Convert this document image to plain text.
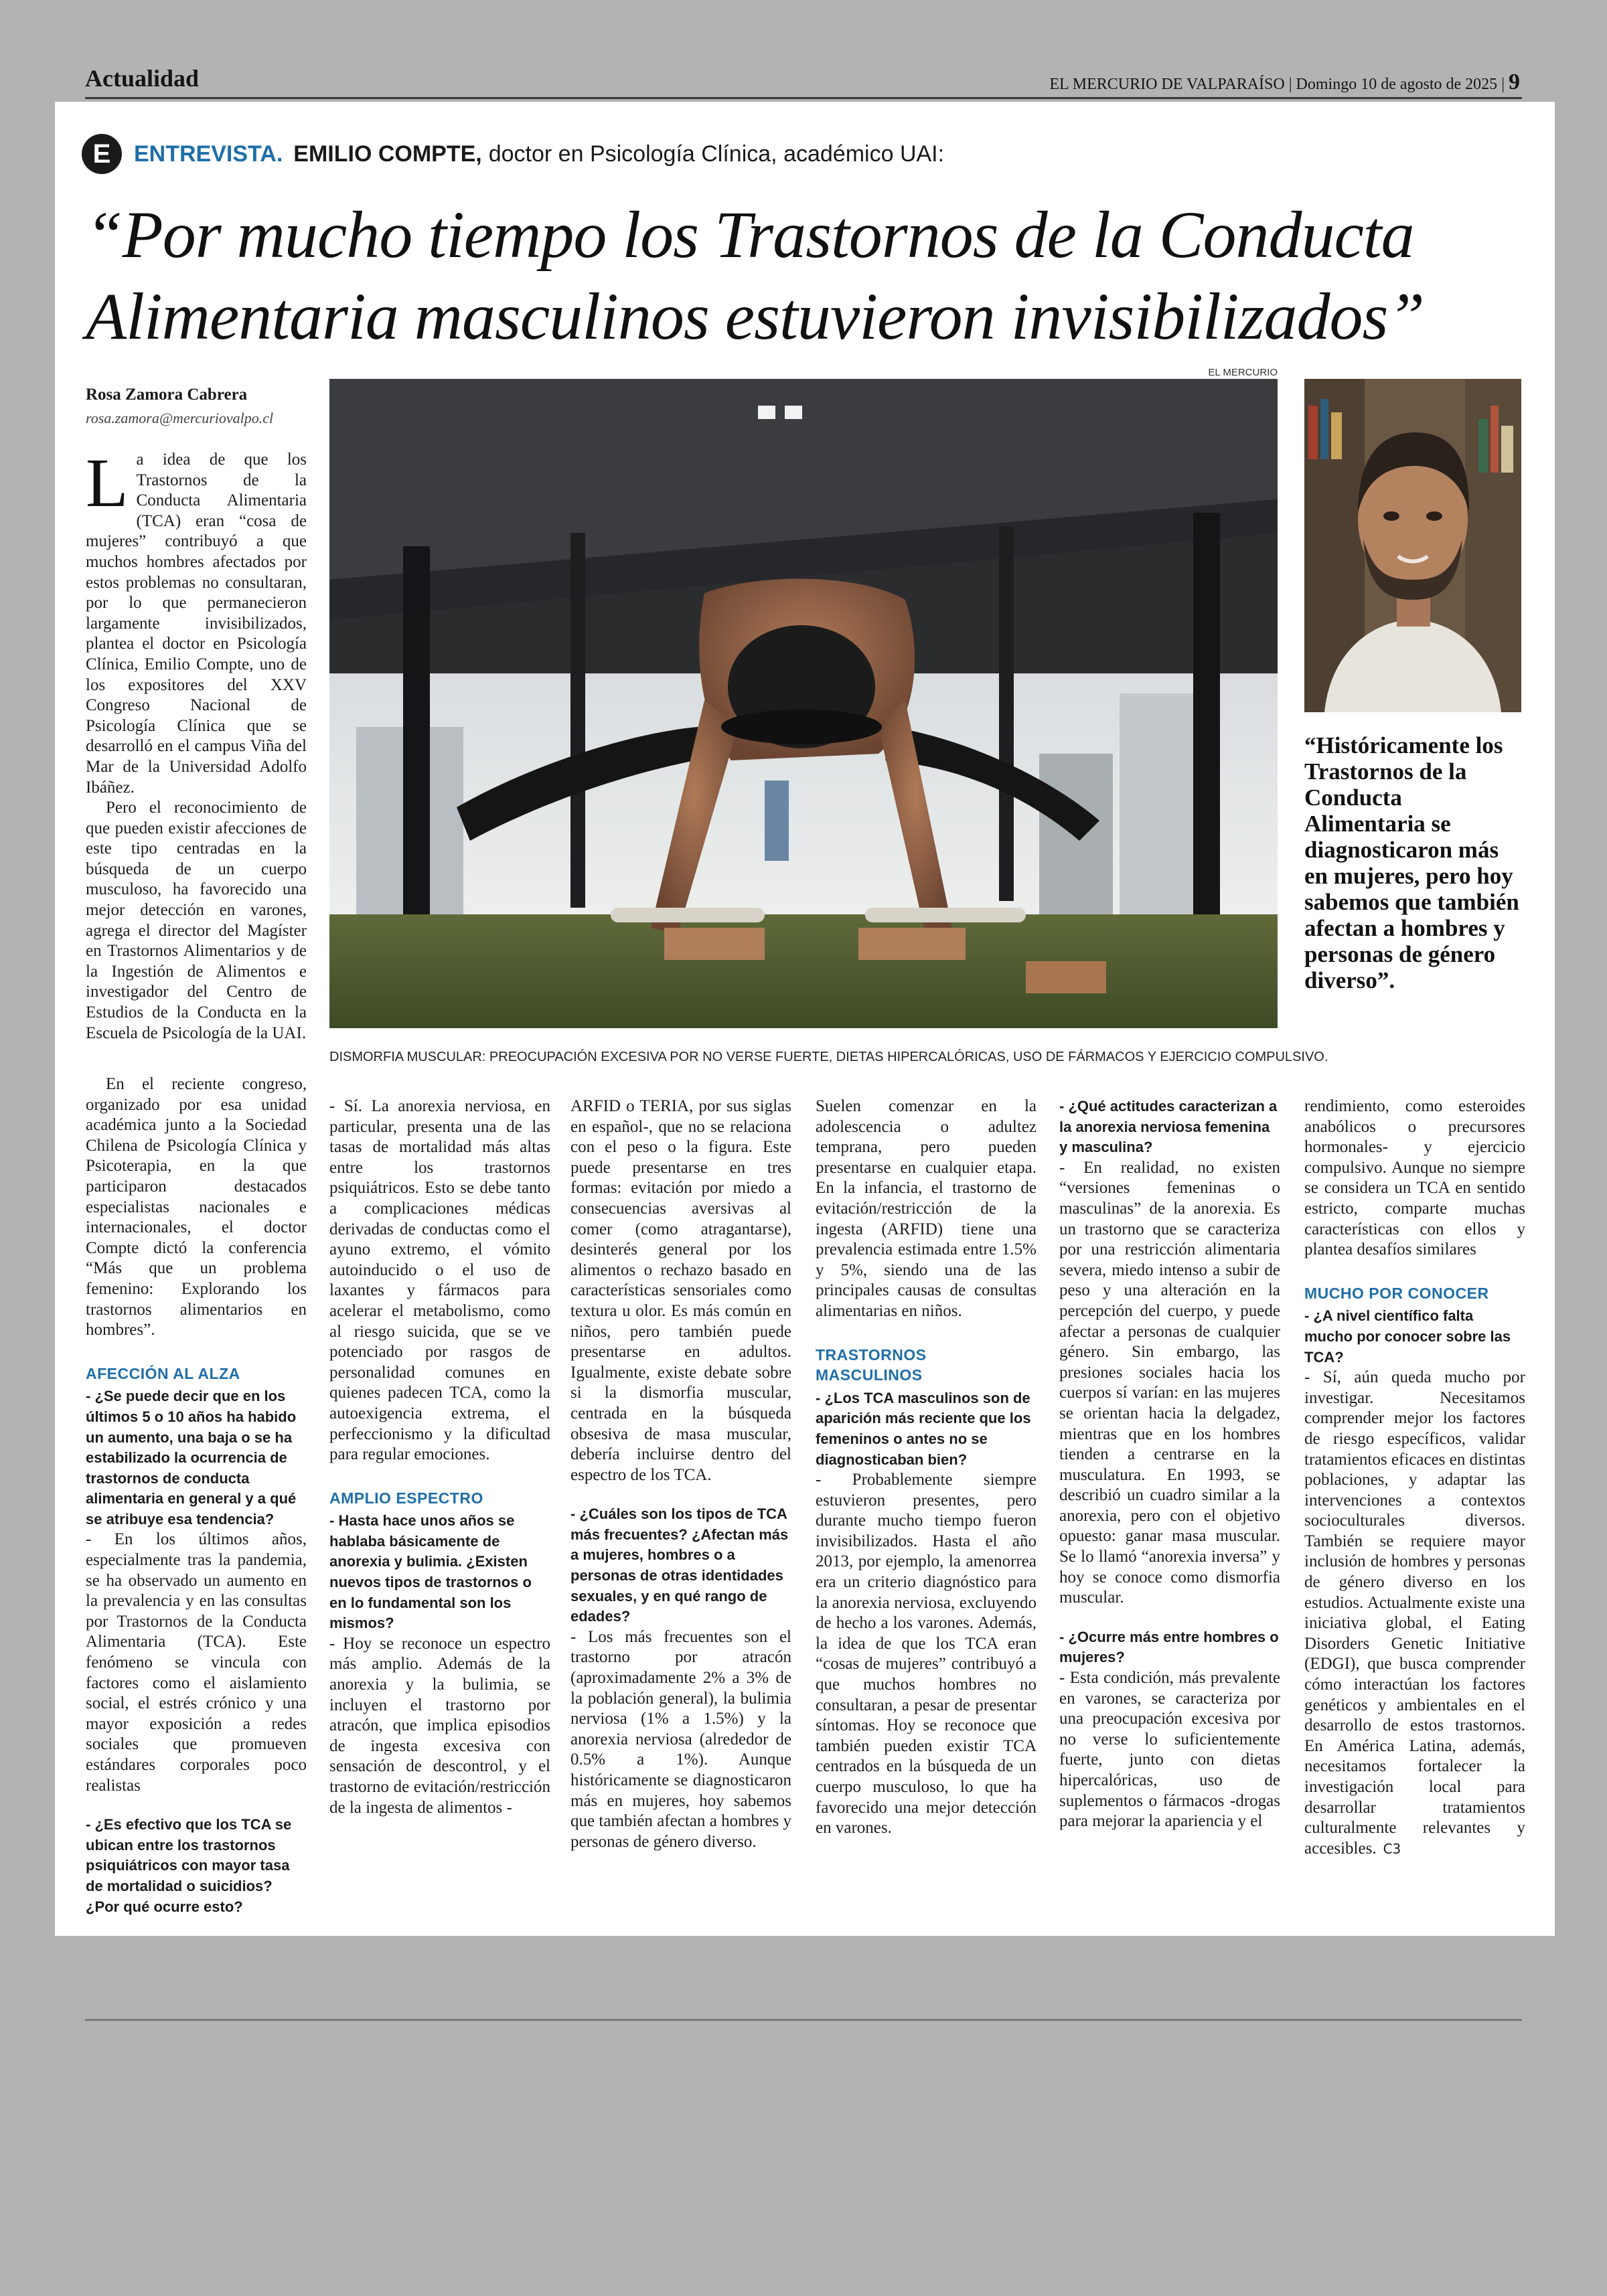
Actualidad	EL MERCURIO DE VALPARAÍSO | Domingo 10 de agosto de 2025 | 9
E	ENTREVISTA. EMILIO COMPTE, doctor en Psicología Clínica, académico UAI:
“Por mucho tiempo los Trastornos de la Conducta Alimentaria masculinos estuvieron invisibilizados”
Rosa Zamora Cabrera
rosa.zamora@mercuriovalpo.cl
EL MERCURIO
DISMORFIA MUSCULAR: PREOCUPACIÓN EXCESIVA POR NO VERSE FUERTE, DIETAS HIPERCALÓRICAS, USO DE FÁRMACOS Y EJERCICIO COMPULSIVO.
“Históricamente los Trastornos de la Conducta Alimentaria se diagnosticaron más en mujeres, pero hoy sabemos que también afectan a hombres y personas de género diverso”.

La idea de que los Trastornos de la Conducta Alimentaria (TCA) eran “cosa de mujeres” contribuyó a que muchos hombres afectados por estos problemas no consultaran, por lo que permanecieron largamente invisibilizados, plantea el doctor en Psicología Clínica, Emilio Compte, uno de los expositores del XXV Congreso Nacional de Psicología Clínica que se desarrolló en el campus Viña del Mar de la Universidad Adolfo Ibáñez.

Pero el reconocimiento de que pueden existir afecciones de este tipo centradas en la búsqueda de un cuerpo musculoso, ha favorecido una mejor detección en varones, agrega el director del Magíster en Trastornos Alimentarios y de la Ingestión de Alimentos e investigador del Centro de Estudios de la Conducta en la Escuela de Psicología de la UAI.

En el reciente congreso, organizado por esa unidad académica junto a la Sociedad Chilena de Psicología Clínica y Psicoterapia, en la que participaron destacados especialistas nacionales e internacionales, el doctor Compte dictó la conferencia “Más que un problema femenino: Explorando los trastornos alimentarios en hombres”.

AFECCIÓN AL ALZA

- ¿Se puede decir que en los últimos 5 o 10 años ha habido un aumento, una baja o se ha estabilizado la ocurrencia de trastornos de conducta alimentaria en general y a qué se atribuye esa tendencia?

- En los últimos años, especialmente tras la pandemia, se ha observado un aumento en la prevalencia y en las consultas por Trastornos de la Conducta Alimentaria (TCA). Este fenómeno se vincula con factores como el aislamiento social, el estrés crónico y una mayor exposición a redes sociales que promueven estándares corporales poco realistas

- ¿Es efectivo que los TCA se ubican entre los trastornos psiquiátricos con mayor tasa de mortalidad o suicidios? ¿Por qué ocurre esto?

- Sí. La anorexia nerviosa, en particular, presenta una de las tasas de mortalidad más altas entre los trastornos psiquiátricos. Esto se debe tanto a complicaciones médicas derivadas de conductas como el ayuno extremo, el vómito autoinducido o el uso de laxantes y fármacos para acelerar el metabolismo, como al riesgo suicida, que se ve potenciado por rasgos de personalidad comunes en quienes padecen TCA, como la autoexigencia extrema, el perfeccionismo y la dificultad para regular emociones.

AMPLIO ESPECTRO

- Hasta hace unos años se hablaba básicamente de anorexia y bulimia. ¿Existen nuevos tipos de trastornos o en lo fundamental son los mismos?

- Hoy se reconoce un espectro más amplio. Además de la anorexia y la bulimia, se incluyen el trastorno por atracón, que implica episodios de ingesta excesiva con sensación de descontrol, y el trastorno de evitación/restricción de la ingesta de alimentos -

ARFID o TERIA, por sus siglas en español-, que no se relaciona con el peso o la figura. Este puede presentarse en tres formas: evitación por miedo a consecuencias aversivas al comer (como atragantarse), desinterés general por los alimentos o rechazo basado en características sensoriales como textura u olor. Es más común en niños, pero también puede presentarse en adultos. Igualmente, existe debate sobre si la dismorfia muscular, centrada en la búsqueda obsesiva de masa muscular, debería incluirse dentro del espectro de los TCA.

- ¿Cuáles son los tipos de TCA más frecuentes? ¿Afectan más a mujeres, hombres o a personas de otras identidades sexuales, y en qué rango de edades?

- Los más frecuentes son el trastorno por atracón (aproximadamente 2% a 3% de la población general), la bulimia nerviosa (1% a 1.5%) y la anorexia nerviosa (alrededor de 0.5% a 1%). Aunque históricamente se diagnosticaron más en mujeres, hoy sabemos que también afectan a hombres y personas de género diverso.

Suelen comenzar en la adolescencia o adultez temprana, pero pueden presentarse en cualquier etapa. En la infancia, el trastorno de evitación/restricción de la ingesta (ARFID) tiene una prevalencia estimada entre 1.5% y 5%, siendo una de las principales causas de consultas alimentarias en niños.

TRASTORNOS MASCULINOS

- ¿Los TCA masculinos son de aparición más reciente que los femeninos o antes no se diagnosticaban bien?

- Probablemente siempre estuvieron presentes, pero durante mucho tiempo fueron invisibilizados. Hasta el año 2013, por ejemplo, la amenorrea era un criterio diagnóstico para la anorexia nerviosa, excluyendo de hecho a los varones. Además, la idea de que los TCA eran “cosas de mujeres” contribuyó a que muchos hombres no consultaran, a pesar de presentar síntomas. Hoy se reconoce que también pueden existir TCA centrados en la búsqueda de un cuerpo musculoso, lo que ha favorecido una mejor detección en varones.

- ¿Qué actitudes caracterizan a la anorexia nerviosa femenina y masculina?

- En realidad, no existen “versiones femeninas o masculinas” de la anorexia. Es un trastorno que se caracteriza por una restricción alimentaria severa, miedo intenso a subir de peso y una alteración en la percepción del cuerpo, y puede afectar a personas de cualquier género. Sin embargo, las presiones sociales hacia los cuerpos sí varían: en las mujeres se orientan hacia la delgadez, mientras que en los hombres tienden a centrarse en la musculatura. En 1993, se describió un cuadro similar a la anorexia, pero con el objetivo opuesto: ganar masa muscular. Se lo llamó “anorexia inversa” y hoy se conoce como dismorfia muscular.

- ¿Ocurre más entre hombres o mujeres?

- Esta condición, más prevalente en varones, se caracteriza por una preocupación excesiva por no verse lo suficientemente fuerte, junto con dietas hipercalóricas, uso de suplementos o fármacos -drogas para mejorar la apariencia y el

rendimiento, como esteroides anabólicos o precursores hormonales- y ejercicio compulsivo. Aunque no siempre se considera un TCA en sentido estricto, comparte muchas características con ellos y plantea desafíos similares

MUCHO POR CONOCER

- ¿A nivel científico falta mucho por conocer sobre las TCA?

- Sí, aún queda mucho por investigar. Necesitamos comprender mejor los factores de riesgo específicos, validar tratamientos eficaces en distintas poblaciones, y adaptar las intervenciones a contextos socioculturales diversos. También se requiere mayor inclusión de hombres y personas de género diverso en los estudios. Actualmente existe una iniciativa global, el Eating Disorders Genetic Initiative (EDGI), que busca comprender cómo interactúan los factores genéticos y ambientales en el desarrollo de estos trastornos. En América Latina, además, necesitamos fortalecer la investigación local para desarrollar tratamientos culturalmente relevantes y accesibles. C3
